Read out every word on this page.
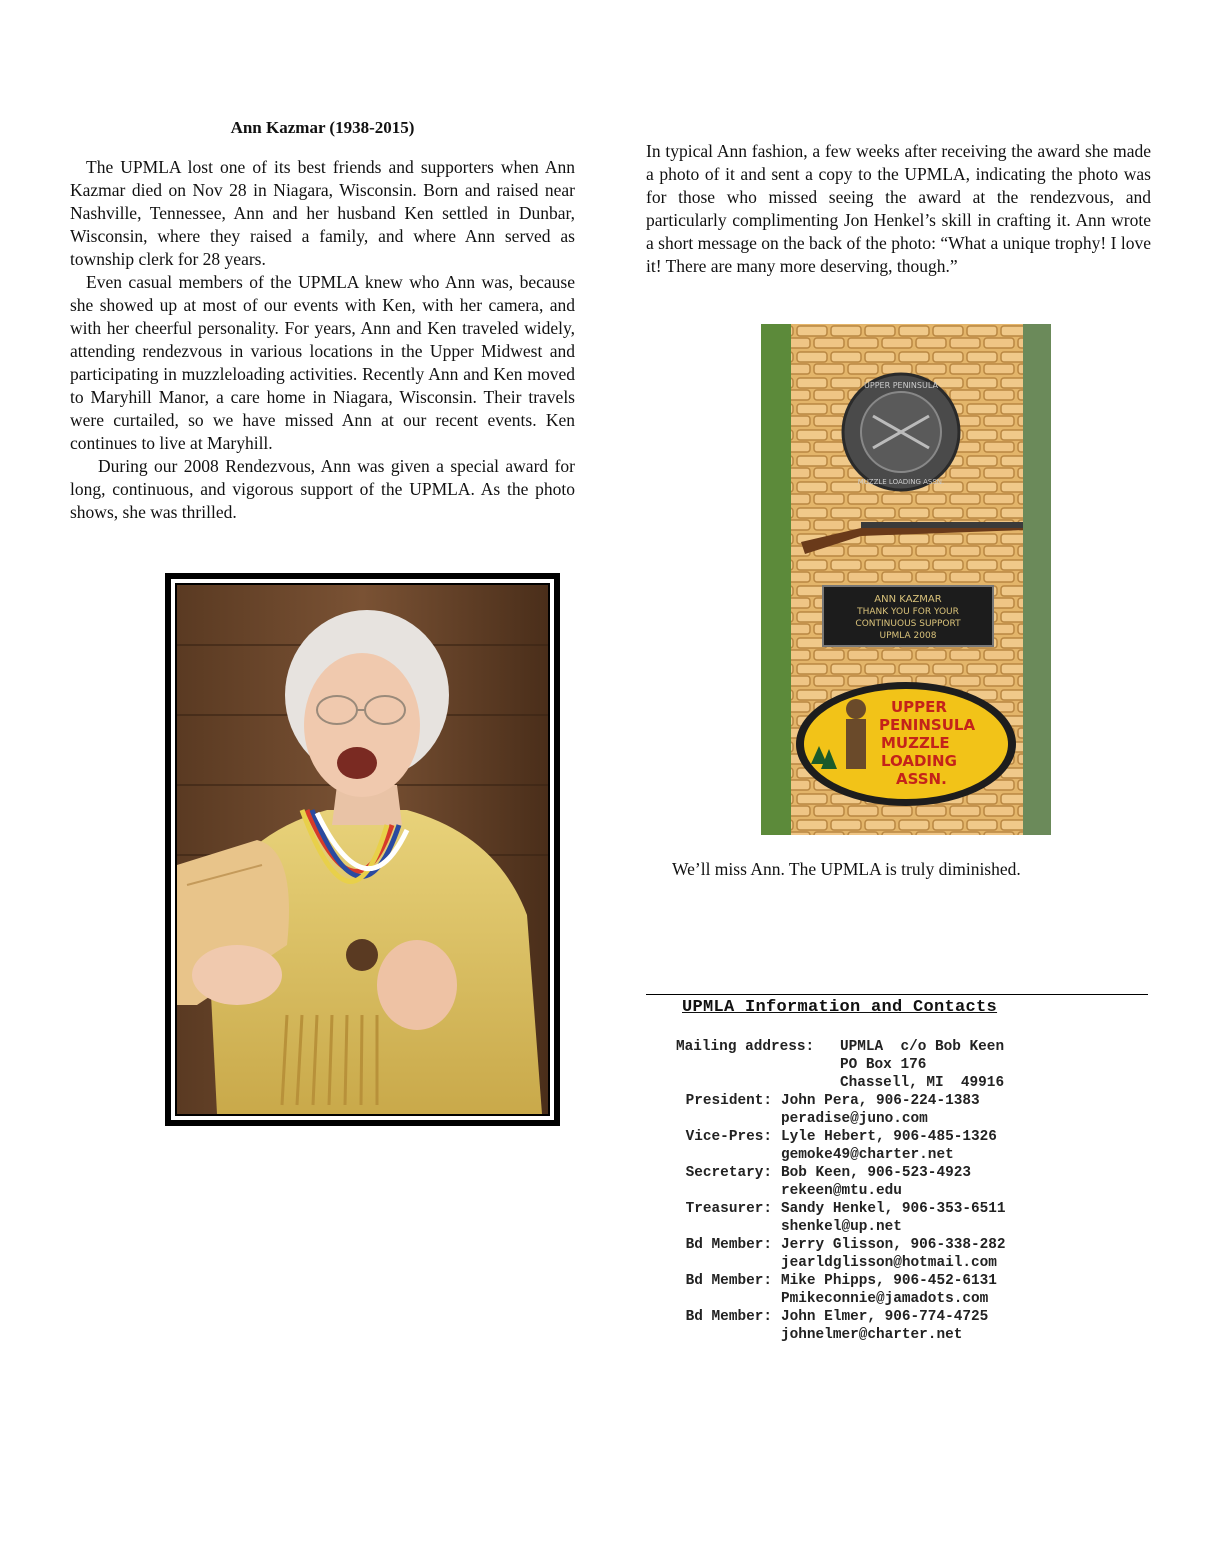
Ann Kazmar (1938-2015)

The UPMLA lost one of its best friends and supporters when Ann Kazmar died on Nov 28 in Niagara, Wisconsin. Born and raised near Nashville, Tennessee, Ann and her husband Ken settled in Dunbar, Wisconsin, where they raised a family, and where Ann served as township clerk for 28 years.

Even casual members of the UPMLA knew who Ann was, because she showed up at most of our events with Ken, with her camera, and with her cheerful personality. For years, Ann and Ken traveled widely, attending rendezvous in various locations in the Upper Midwest and participating in muzzleloading activities. Recently Ann and Ken moved to Maryhill Manor, a care home in Niagara, Wisconsin. Their travels were curtailed, so we have missed Ann at our recent events. Ken continues to live at Maryhill.

During our 2008 Rendezvous, Ann was given a special award for long, continuous, and vigorous support of the UPMLA. As the photo shows, she was thrilled.

In typical Ann fashion, a few weeks after receiving the award she made a photo of it and sent a copy to the UPMLA, indicating the photo was for those who missed seeing the award at the rendezvous, and particularly complimenting Jon Henkel’s skill in crafting it. Ann wrote a short message on the back of the photo: “What a unique trophy! I love it! There are many more deserving, though.”

UPPER PENINSULA
MUZZLE LOADING ASSN.
ANN KAZMAR
THANK YOU FOR YOUR
CONTINUOUS SUPPORT
UPMLA 2008
UPPER
PENINSULA
MUZZLE
LOADING
ASSN.
We’ll miss Ann. The UPMLA is truly diminished.
UPMLA Information and Contacts
Mailing address:	UPMLA  c/o Bob Keen
PO Box 176
Chassell, MI  49916
President: John Pera, 906-224-1383
peradise@juno.com
Vice-Pres: Lyle Hebert, 906-485-1326
gemoke49@charter.net
Secretary: Bob Keen, 906-523-4923
rekeen@mtu.edu
Treasurer: Sandy Henkel, 906-353-6511
shenkel@up.net
Bd Member: Jerry Glisson, 906-338-282
jearldglisson@hotmail.com
Bd Member: Mike Phipps, 906-452-6131
Pmikeconnie@jamadots.com
Bd Member: John Elmer, 906-774-4725
johnelmer@charter.net
